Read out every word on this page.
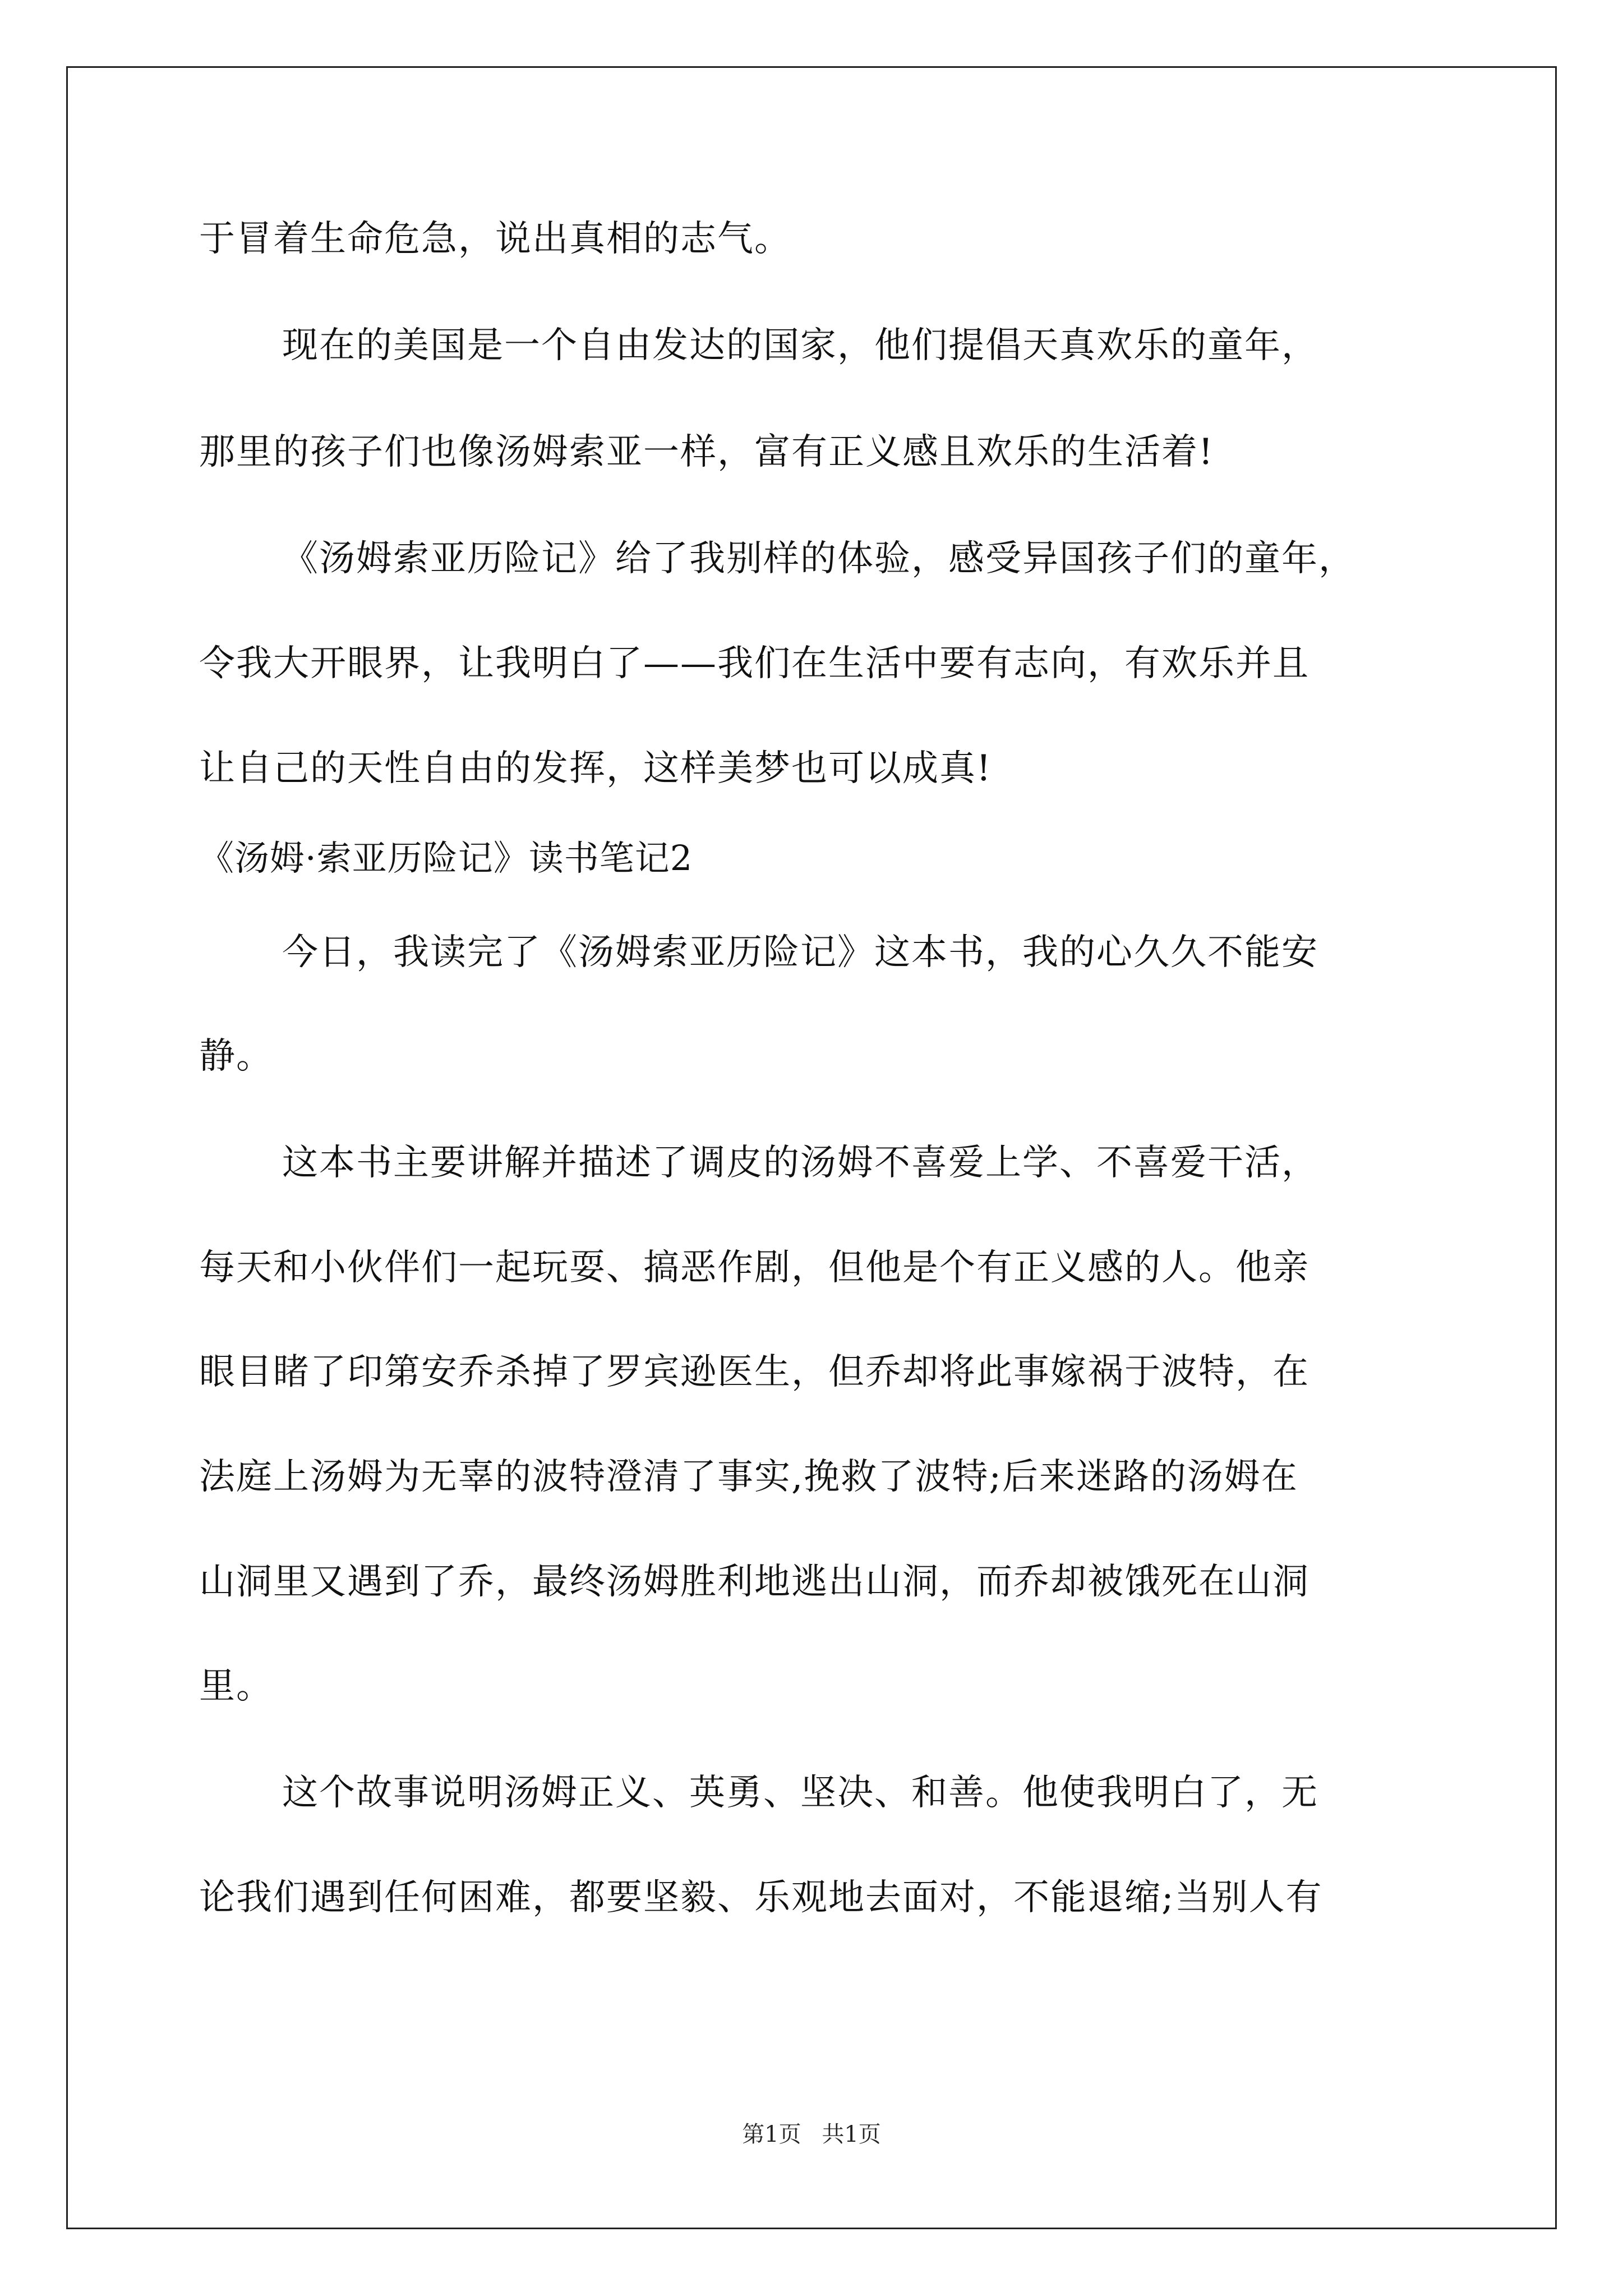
于冒着生命危急，说出真相的志气。
现在的美国是一个自由发达的国家，他们提倡天真欢乐的童年，
那里的孩子们也像汤姆索亚一样，富有正义感且欢乐的生活着!
《汤姆索亚历险记》给了我别样的体验，感受异国孩子们的童年，
令我大开眼界，让我明白了——我们在生活中要有志向，有欢乐并且
让自己的天性自由的发挥，这样美梦也可以成真!
《汤姆·索亚历险记》读书笔记2
今日，我读完了《汤姆索亚历险记》这本书，我的心久久不能安
静。
这本书主要讲解并描述了调皮的汤姆不喜爱上学、不喜爱干活，
每天和小伙伴们一起玩耍、搞恶作剧，但他是个有正义感的人。他亲
眼目睹了印第安乔杀掉了罗宾逊医生，但乔却将此事嫁祸于波特，在
法庭上汤姆为无辜的波特澄清了事实,挽救了波特;后来迷路的汤姆在
山洞里又遇到了乔，最终汤姆胜利地逃出山洞，而乔却被饿死在山洞
里。
这个故事说明汤姆正义、英勇、坚决、和善。他使我明白了，无
论我们遇到任何困难，都要坚毅、乐观地去面对，不能退缩;当别人有
第1页 共1页
